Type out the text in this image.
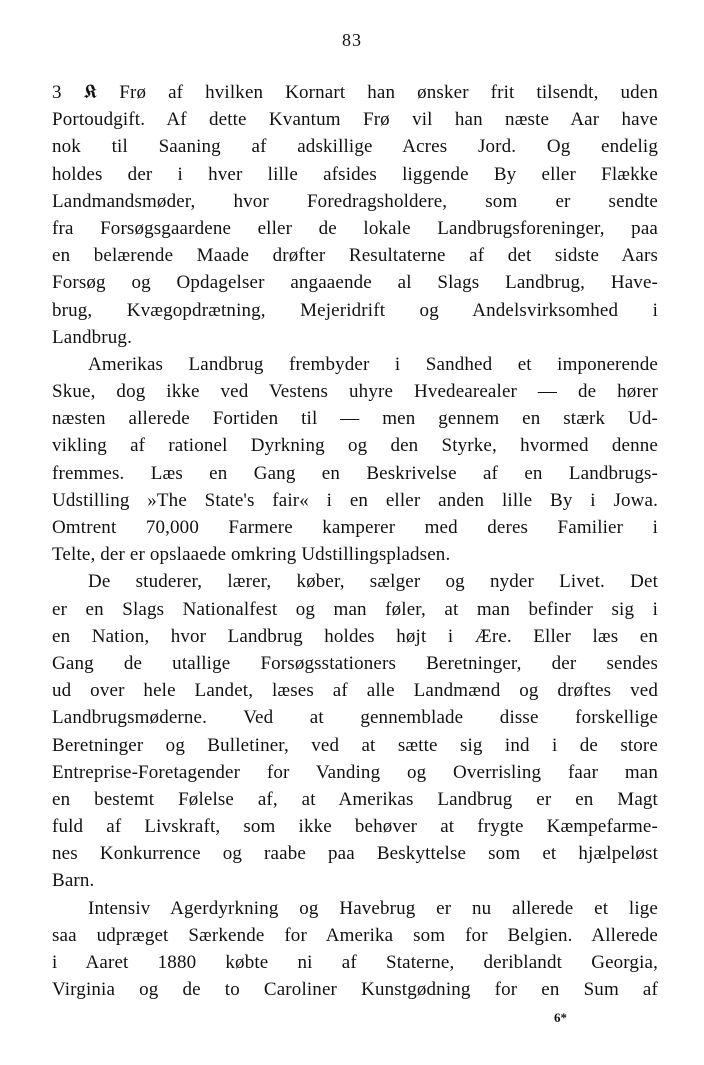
83
3 𝕶 Frø af hvilken Kornart han ønsker frit tilsendt, uden
Portoudgift. Af dette Kvantum Frø vil han næste Aar have
nok til Saaning af adskillige Acres Jord. Og endelig
holdes der i hver lille afsides liggende By eller Flække
Landmandsmøder, hvor Foredragsholdere, som er sendte
fra Forsøgsgaardene eller de lokale Landbrugsforeninger, paa
en belærende Maade drøfter Resultaterne af det sidste Aars
Forsøg og Opdagelser angaaende al Slags Landbrug, Have-
brug, Kvægopdrætning, Mejeridrift og Andelsvirksomhed i
Landbrug.
Amerikas Landbrug frembyder i Sandhed et imponerende
Skue, dog ikke ved Vestens uhyre Hvedearealer — de hører
næsten allerede Fortiden til — men gennem en stærk Ud-
vikling af rationel Dyrkning og den Styrke, hvormed denne
fremmes. Læs en Gang en Beskrivelse af en Landbrugs-
Udstilling »The State's fair« i en eller anden lille By i Jowa.
Omtrent 70,000 Farmere kamperer med deres Familier i
Telte, der er opslaaede omkring Udstillingspladsen.
De studerer, lærer, køber, sælger og nyder Livet. Det
er en Slags Nationalfest og man føler, at man befinder sig i
en Nation, hvor Landbrug holdes højt i Ære. Eller læs en
Gang de utallige Forsøgsstationers Beretninger, der sendes
ud over hele Landet, læses af alle Landmænd og drøftes ved
Landbrugsmøderne. Ved at gennemblade disse forskellige
Beretninger og Bulletiner, ved at sætte sig ind i de store
Entreprise-Foretagender for Vanding og Overrisling faar man
en bestemt Følelse af, at Amerikas Landbrug er en Magt
fuld af Livskraft, som ikke behøver at frygte Kæmpefarme-
nes Konkurrence og raabe paa Beskyttelse som et hjælpeløst
Barn.
Intensiv Agerdyrkning og Havebrug er nu allerede et lige
saa udpræget Særkende for Amerika som for Belgien. Allerede
i Aaret 1880 købte ni af Staterne, deriblandt Georgia,
Virginia og de to Caroliner Kunstgødning for en Sum af
6*
